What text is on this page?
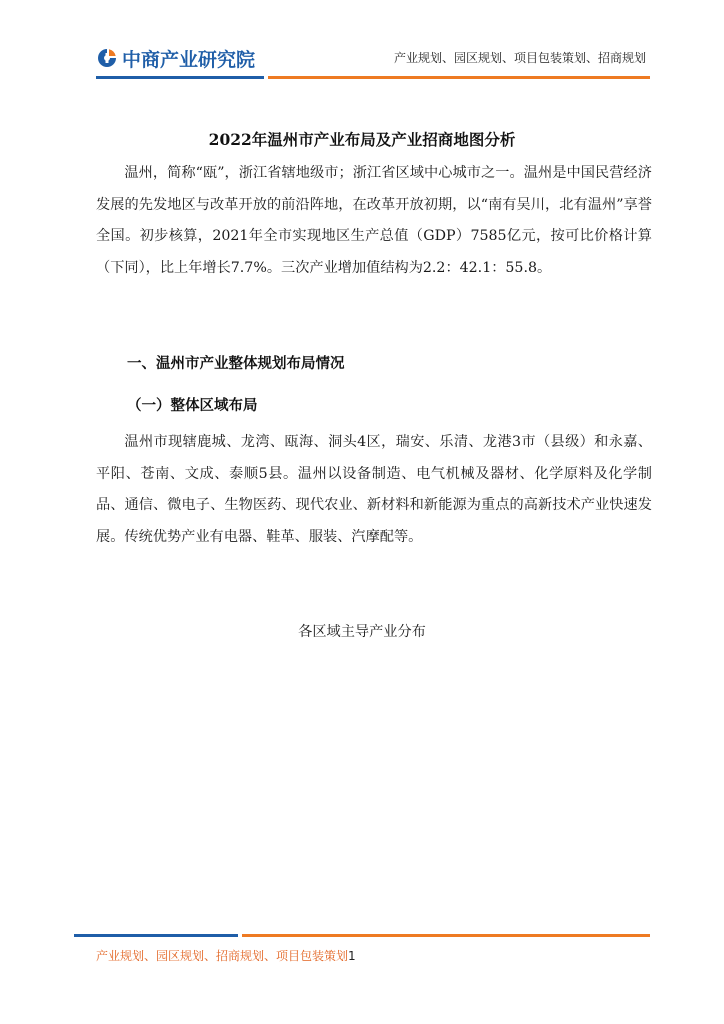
中商产业研究院	产业规划、园区规划、项目包装策划、招商规划
2022年温州市产业布局及产业招商地图分析

温州，简称“瓯”，浙江省辖地级市；浙江省区域中心城市之一。温州是中国民营经济发展的先发地区与改革开放的前沿阵地，在改革开放初期，以“南有吴川，北有温州”享誉全国。初步核算，2021年全市实现地区生产总值（GDP）7585亿元，按可比价格计算（下同），比上年增长7.7%。三次产业增加值结构为2.2：42.1：55.8。

一、温州市产业整体规划布局情况
（一）整体区域布局

温州市现辖鹿城、龙湾、瓯海、洞头4区，瑞安、乐清、龙港3市（县级）和永嘉、平阳、苍南、文成、泰顺5县。温州以设备制造、电气机械及器材、化学原料及化学制品、通信、微电子、生物医药、现代农业、新材料和新能源为重点的高新技术产业快速发展。传统优势产业有电器、鞋革、服装、汽摩配等。

各区域主导产业分布
产业规划、园区规划、招商规划、项目包装策划1
